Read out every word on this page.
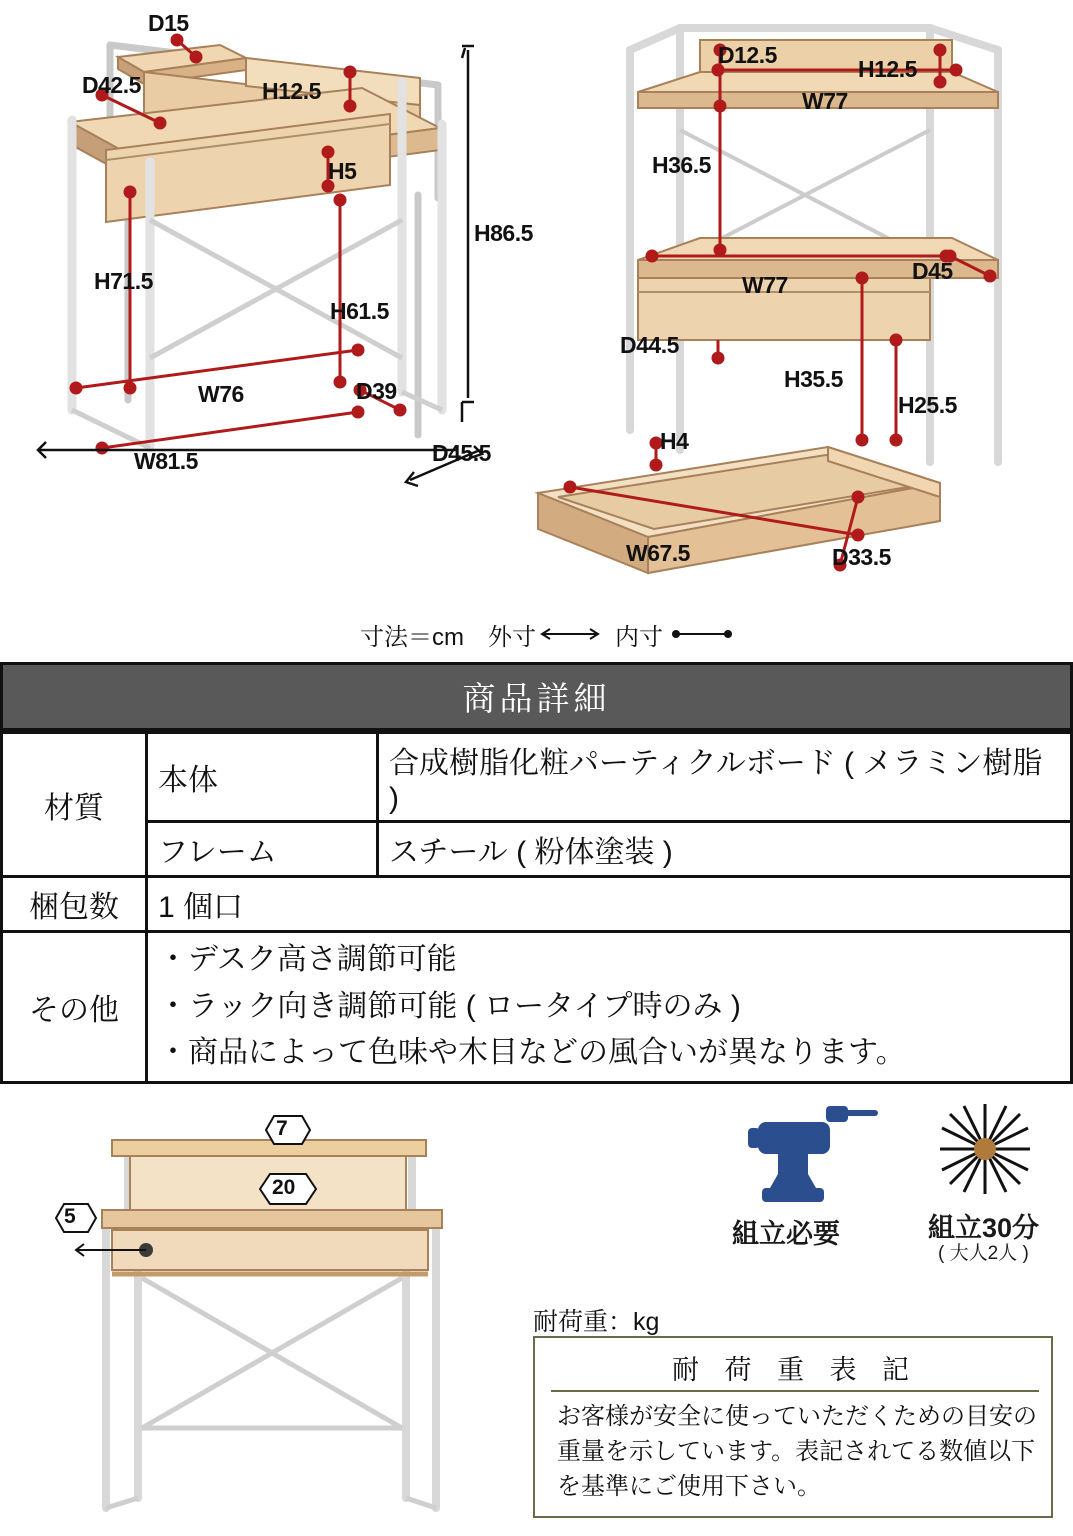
D15
D42.5	H12.5
H5
H86.5
H71.5
H61.5
W76	D39
W81.5	D45.5
D12.5
H12.5
W77
H36.5
W77
D45
D44.5
H35.5
H25.5
H4
W67.5	D33.5
寸法＝cm　外寸	内寸
商品詳細
材質	本体	合成樹脂化粧パーティクルボード ( メラミン樹脂 )
	フレーム	スチール ( 粉体塗装 )
梱包数	1 個口	
その他	・デスク高さ調節可能
・ラック向き調節可能 ( ロータイプ時のみ )
・商品によって色味や木目などの風合いが異なります。	
7
20
5
組立必要	組立30分
( 大人2人 )
耐荷重：kg
耐 荷 重 表 記
お客様が安全に使っていただくための目安の重量を示しています。表記されてる数値以下を基準にご使用下さい。
